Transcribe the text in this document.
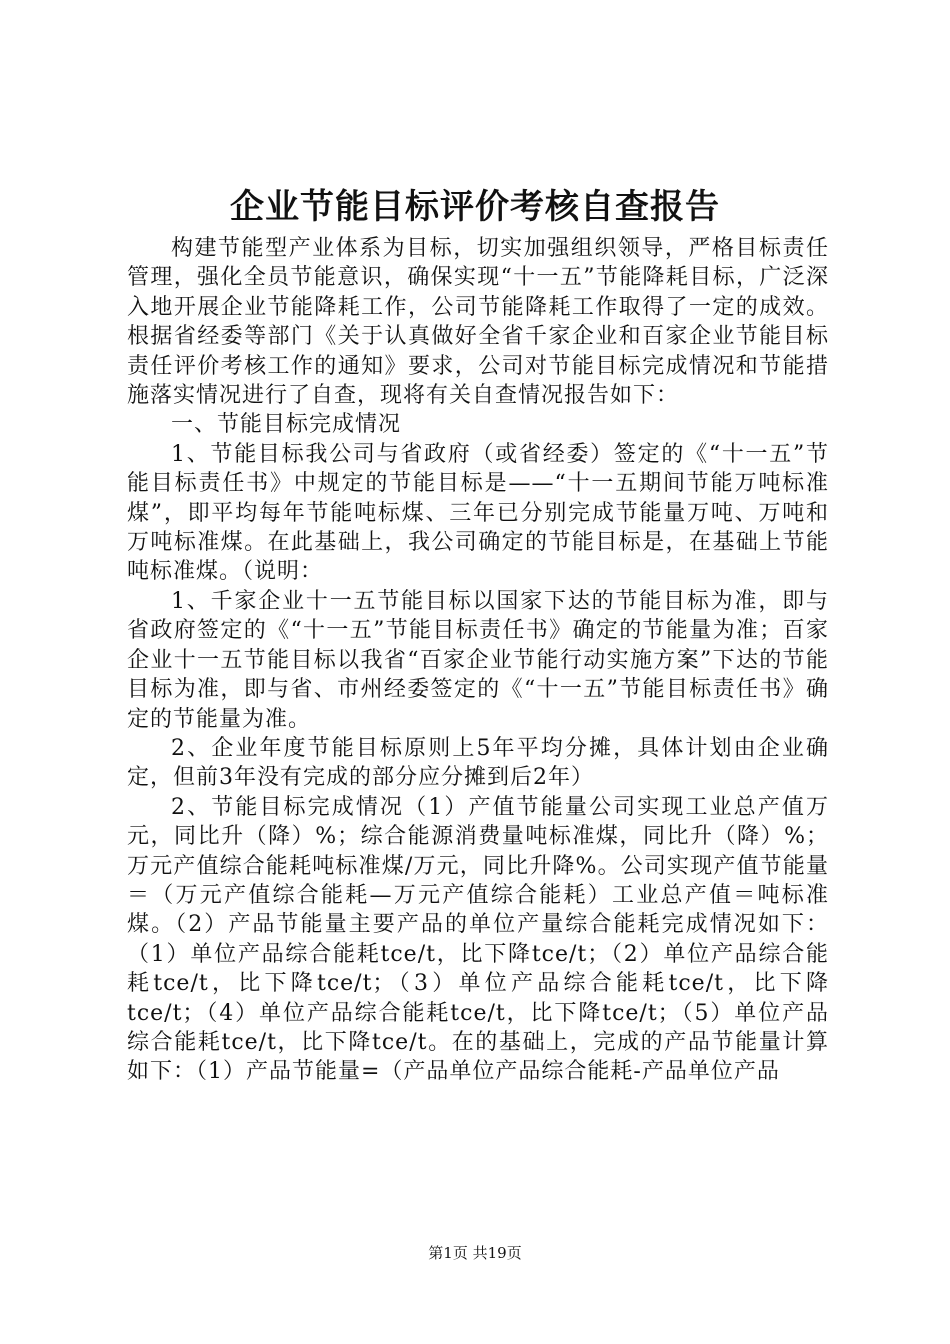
企业节能目标评价考核自查报告

构建节能型产业体系为目标，切实加强组织领导，严格目标责任管理，强化全员节能意识，确保实现“十一五”节能降耗目标，广泛深入地开展企业节能降耗工作，公司节能降耗工作取得了一定的成效。根据省经委等部门《关于认真做好全省千家企业和百家企业节能目标责任评价考核工作的通知》要求，公司对节能目标完成情况和节能措施落实情况进行了自查，现将有关自查情况报告如下：

一、节能目标完成情况

1、节能目标我公司与省政府（或省经委）签定的《“十一五”节能目标责任书》中规定的节能目标是——“十一五期间节能万吨标准煤”，即平均每年节能吨标煤、三年已分别完成节能量万吨、万吨和万吨标准煤。在此基础上，我公司确定的节能目标是，在基础上节能吨标准煤。（说明：

1、千家企业十一五节能目标以国家下达的节能目标为准，即与省政府签定的《“十一五”节能目标责任书》确定的节能量为准；百家企业十一五节能目标以我省“百家企业节能行动实施方案”下达的节能目标为准，即与省、市州经委签定的《“十一五”节能目标责任书》确定的节能量为准。

2、企业年度节能目标原则上5年平均分摊，具体计划由企业确定，但前3年没有完成的部分应分摊到后2年）

2、节能目标完成情况（1）产值节能量公司实现工业总产值万元，同比升（降）%；综合能源消费量吨标准煤，同比升（降）%；万元产值综合能耗吨标准煤/万元，同比升降%。公司实现产值节能量＝（万元产值综合能耗—万元产值综合能耗）工业总产值＝吨标准煤。（2）产品节能量主要产品的单位产量综合能耗完成情况如下：（1）单位产品综合能耗tce/t，比下降tce/t；（2）单位产品综合能耗tce/t，比下降tce/t；（3）单位产品综合能耗tce/t，比下降tce/t；（4）单位产品综合能耗tce/t，比下降tce/t；（5）单位产品综合能耗tce/t，比下降tce/t。在的基础上，完成的产品节能量计算如下：（1）产品节能量=（产品单位产品综合能耗-产品单位产品

第1页 共19页
